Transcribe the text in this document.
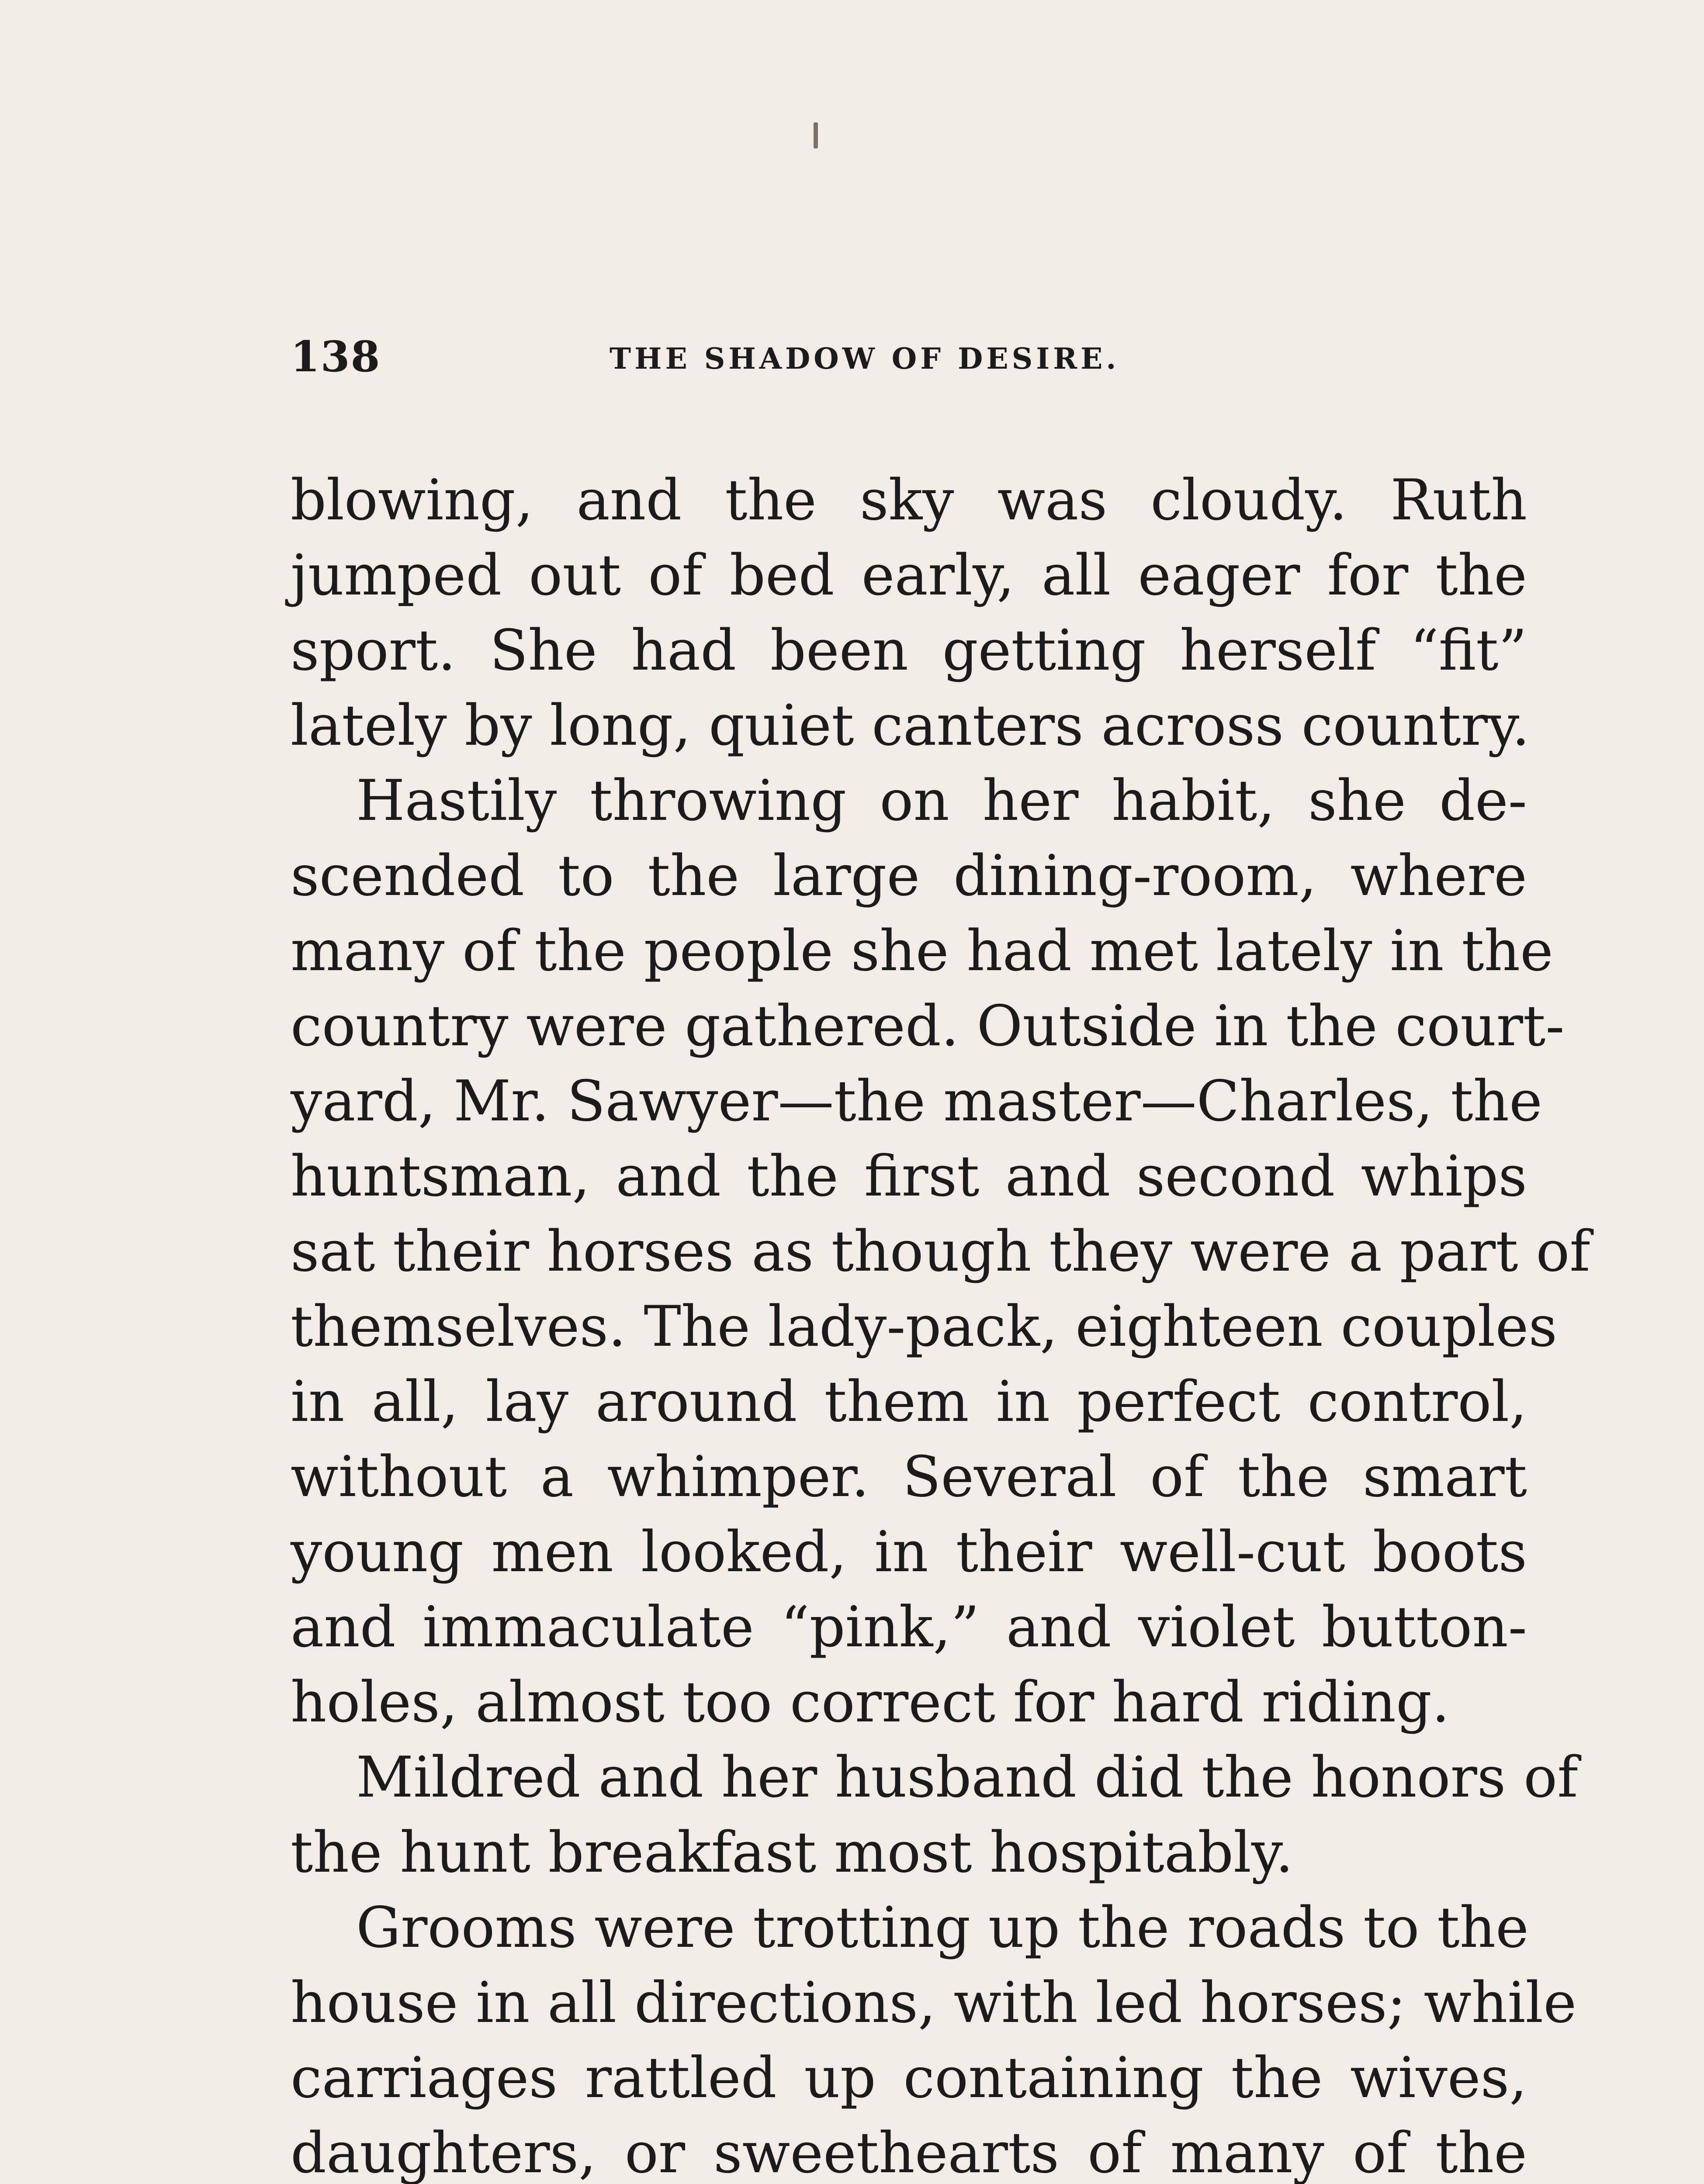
138	THE SHADOW OF DESIRE.

blowing, and the sky was cloudy. Ruth
jumped out of bed early, all eager for the
sport. She had been getting herself “fit”
lately by long, quiet canters across country.

Hastily throwing on her habit, she de-
scended to the large dining-room, where
many of the people she had met lately in the
country were gathered. Outside in the court-
yard, Mr. Sawyer—the master—Charles, the
huntsman, and the first and second whips
sat their horses as though they were a part of
themselves. The lady-pack, eighteen couples
in all, lay around them in perfect control,
without a whimper. Several of the smart
young men looked, in their well-cut boots
and immaculate “pink,” and violet button-
holes, almost too correct for hard riding.

Mildred and her husband did the honors of
the hunt breakfast most hospitably.

Grooms were trotting up the roads to the
house in all directions, with led horses; while
carriages rattled up containing the wives,
daughters, or sweethearts of many of the
